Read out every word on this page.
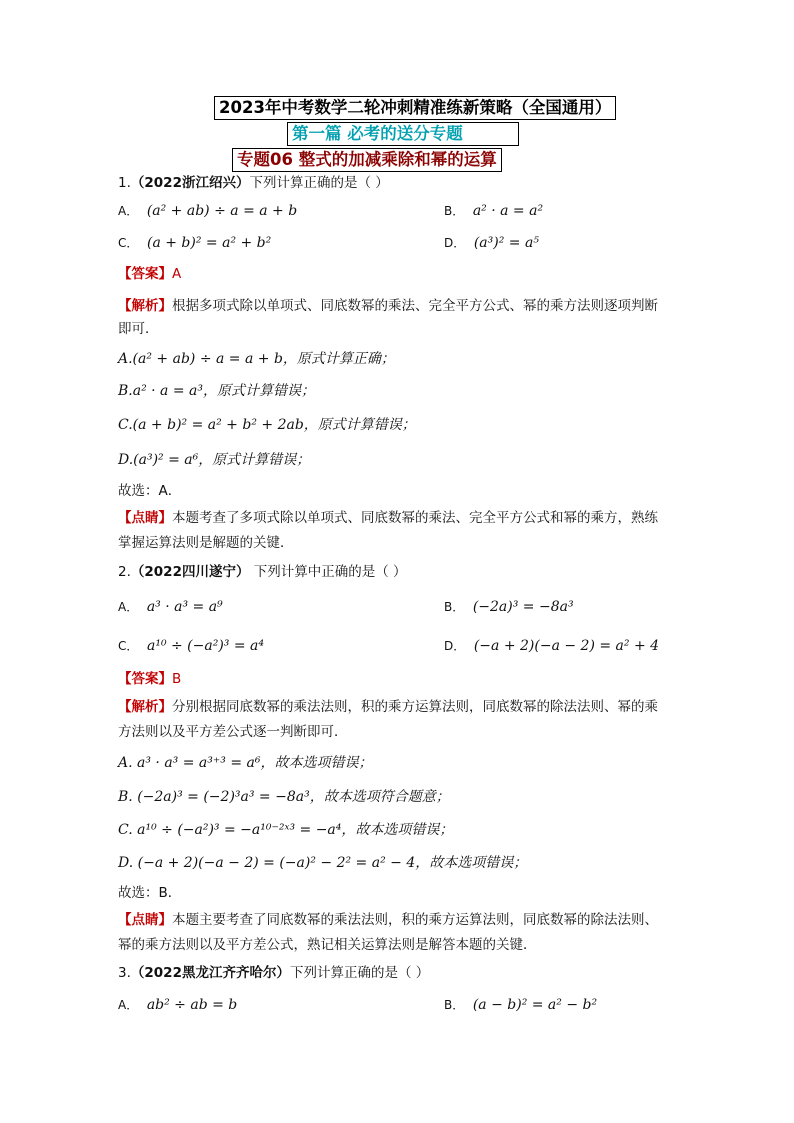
2023年中考数学二轮冲刺精准练新策略（全国通用）
第一篇 必考的送分专题
专题06 整式的加减乘除和幂的运算
1.（2022浙江绍兴）下列计算正确的是（ ）
A． (a² + ab) ÷ a = a + b	B． a² · a = a²
C． (a + b)² = a² + b²	D． (a³)² = a⁵
【答案】A
【解析】根据多项式除以单项式、同底数幂的乘法、完全平方公式、幂的乘方法则逐项判断
即可．
A.(a² + ab) ÷ a = a + b，原式计算正确；
B.a² · a = a³，原式计算错误；
C.(a + b)² = a² + b² + 2ab，原式计算错误；
D.(a³)² = a⁶，原式计算错误；
故选：A．
【点睛】本题考查了多项式除以单项式、同底数幂的乘法、完全平方公式和幂的乘方，熟练
掌握运算法则是解题的关键．
2.（2022四川遂宁） 下列计算中正确的是（ ）
A． a³ · a³ = a⁹	B． (−2a)³ = −8a³
C． a¹⁰ ÷ (−a²)³ = a⁴	D． (−a + 2)(−a − 2) = a² + 4
【答案】B
【解析】分别根据同底数幂的乘法法则，积的乘方运算法则，同底数幂的除法法则、幂的乘
方法则以及平方差公式逐一判断即可．
A. a³ · a³ = a³⁺³ = a⁶，故本选项错误；
B. (−2a)³ = (−2)³a³ = −8a³，故本选项符合题意；
C. a¹⁰ ÷ (−a²)³ = −a¹⁰⁻²ˣ³ = −a⁴，故本选项错误；
D. (−a + 2)(−a − 2) = (−a)² − 2² = a² − 4，故本选项错误；
故选：B．
【点睛】本题主要考查了同底数幂的乘法法则，积的乘方运算法则，同底数幂的除法法则、
幂的乘方法则以及平方差公式，熟记相关运算法则是解答本题的关键．
3.（2022黑龙江齐齐哈尔）下列计算正确的是（ ）
A． ab² ÷ ab = b	B． (a − b)² = a² − b²
